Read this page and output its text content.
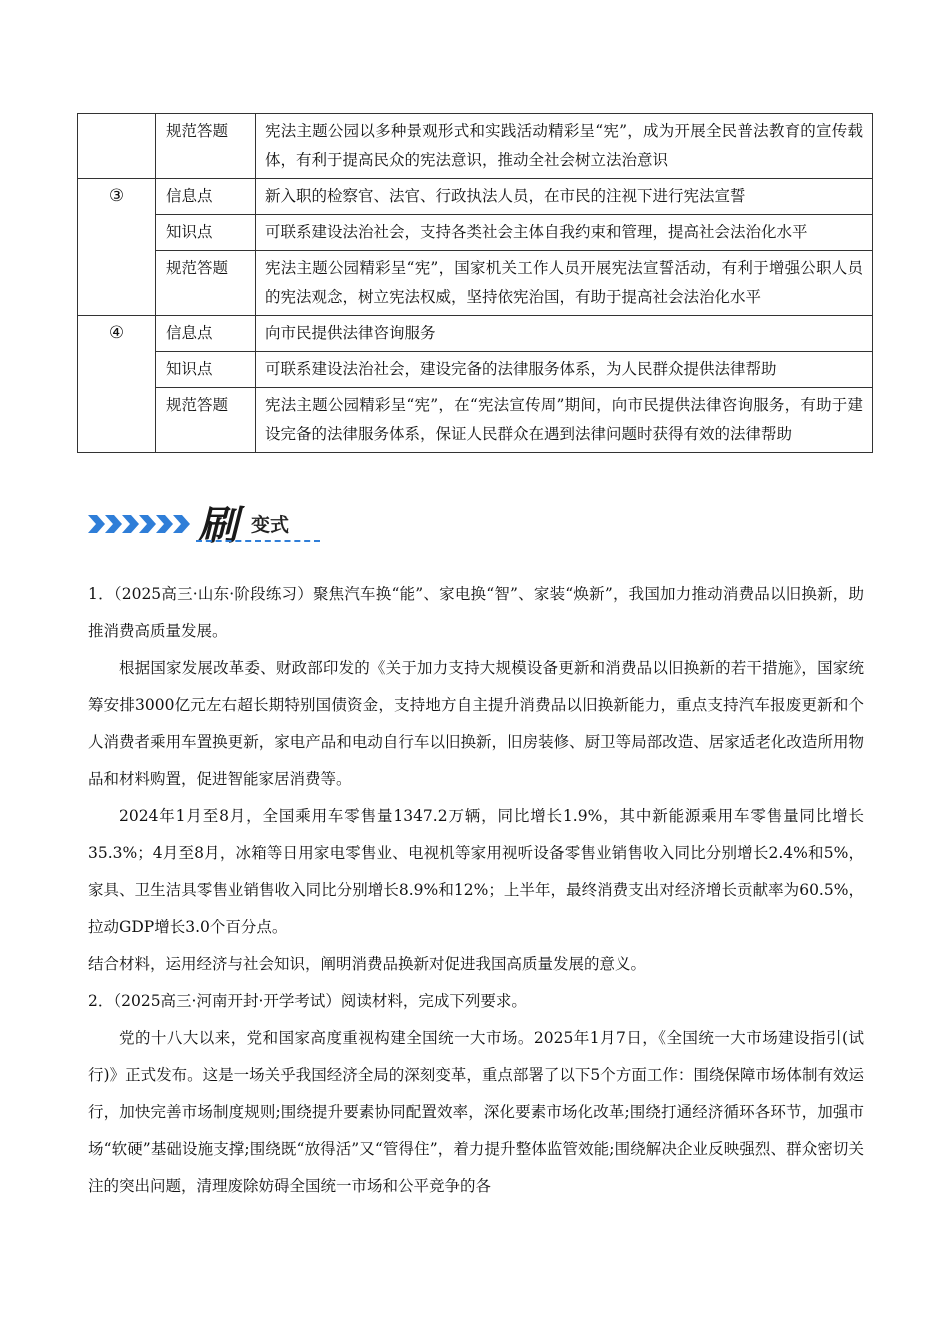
	规范答题	宪法主题公园以多种景观形式和实践活动精彩呈“宪”，成为开展全民普法教育的宣传载体，有利于提高民众的宪法意识，推动全社会树立法治意识
③	信息点	新入职的检察官、法官、行政执法人员，在市民的注视下进行宪法宣誓
	知识点	可联系建设法治社会，支持各类社会主体自我约束和管理，提高社会法治化水平
	规范答题	宪法主题公园精彩呈“宪”，国家机关工作人员开展宪法宣誓活动，有利于增强公职人员的宪法观念，树立宪法权威，坚持依宪治国，有助于提高社会法治化水平
④	信息点	向市民提供法律咨询服务
	知识点	可联系建设法治社会，建设完备的法律服务体系，为人民群众提供法律帮助
	规范答题	宪法主题公园精彩呈“宪”，在“宪法宣传周”期间，向市民提供法律咨询服务，有助于建设完备的法律服务体系，保证人民群众在遇到法律问题时获得有效的法律帮助
刷 变式

1．（2025高三·山东·阶段练习）聚焦汽车换“能”、家电换“智”、家装“焕新”，我国加力推动消费品以旧换新，助推消费高质量发展。

根据国家发展改革委、财政部印发的《关于加力支持大规模设备更新和消费品以旧换新的若干措施》，国家统筹安排3000亿元左右超长期特别国债资金，支持地方自主提升消费品以旧换新能力，重点支持汽车报废更新和个人消费者乘用车置换更新，家电产品和电动自行车以旧换新，旧房装修、厨卫等局部改造、居家适老化改造所用物品和材料购置，促进智能家居消费等。

2024年1月至8月，全国乘用车零售量1347.2万辆，同比增长1.9%，其中新能源乘用车零售量同比增长35.3%；4月至8月，冰箱等日用家电零售业、电视机等家用视听设备零售业销售收入同比分别增长2.4%和5%，家具、卫生洁具零售业销售收入同比分别增长8.9%和12%；上半年，最终消费支出对经济增长贡献率为60.5%，拉动GDP增长3.0个百分点。

结合材料，运用经济与社会知识，阐明消费品换新对促进我国高质量发展的意义。

2．（2025高三·河南开封·开学考试）阅读材料，完成下列要求。

党的十八大以来，党和国家高度重视构建全国统一大市场。2025年1月7日，《全国统一大市场建设指引(试行)》正式发布。这是一场关乎我国经济全局的深刻变革，重点部署了以下5个方面工作：围绕保障市场体制有效运行，加快完善市场制度规则;围绕提升要素协同配置效率，深化要素市场化改革;围绕打通经济循环各环节，加强市场“软硬”基础设施支撑;围绕既“放得活”又“管得住”，着力提升整体监管效能;围绕解决企业反映强烈、群众密切关注的突出问题，清理废除妨碍全国统一市场和公平竞争的各
